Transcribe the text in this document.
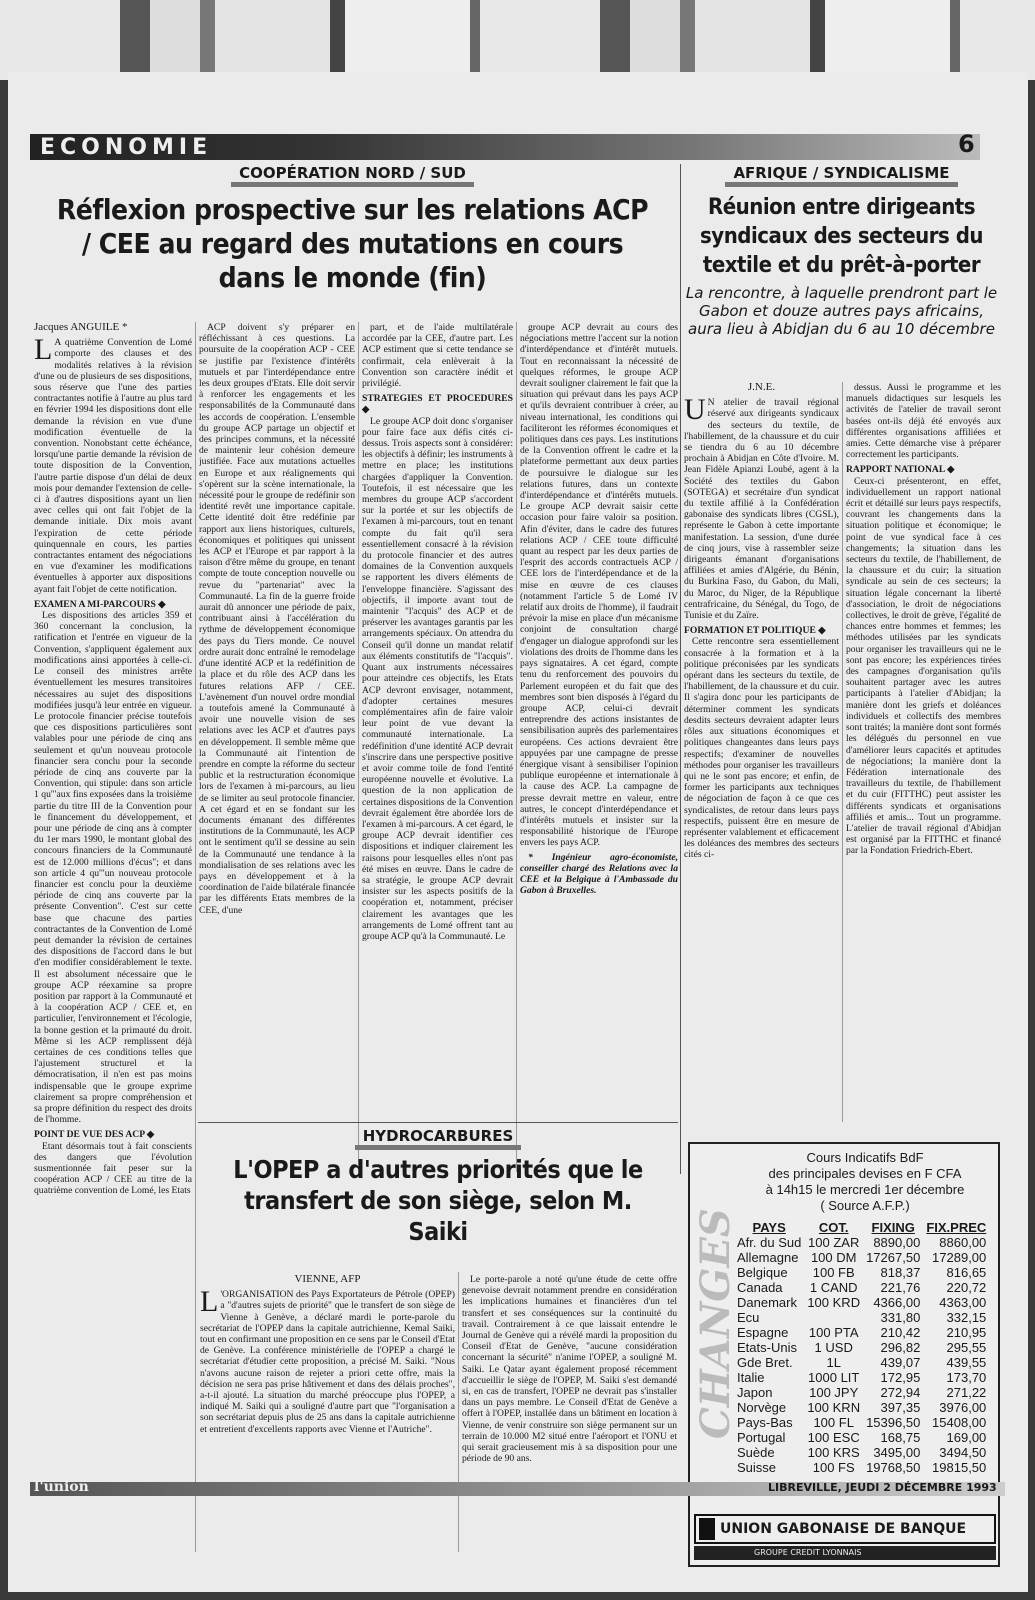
ECONOMIE	6
COOPÉRATION NORD / SUD
Réflexion prospective sur les relations ACP / CEE au regard des mutations en cours dans le monde (fin)
Jacques ANGUILE *

L A quatrième Convention de Lomé comporte des clauses et des modalités relatives à la révision d'une ou de plusieurs de ses dispositions, sous réserve que l'une des parties contractantes notifie à l'autre au plus tard en février 1994 les dispositions dont elle demande la révision en vue d'une modification éventuelle de la convention. Nonobstant cette échéance, lorsqu'une partie demande la révision de toute disposition de la Convention, l'autre partie dispose d'un délai de deux mois pour demander l'extension de celle-ci à d'autres dispositions ayant un lien avec celles qui ont fait l'objet de la demande initiale. Dix mois avant l'expiration de cette période quinquennale en cours, les parties contractantes entament des négociations en vue d'examiner les modifications éventuelles à apporter aux dispositions ayant fait l'objet de cette notification.

EXAMEN A MI-PARCOURS ◆

Les dispositions des articles 359 et 360 concernant la conclusion, la ratification et l'entrée en vigueur de la Convention, s'appliquent également aux modifications ainsi apportées à celle-ci. Le conseil des ministres arrête éventuellement les mesures transitoires nécessaires au sujet des dispositions modifiées jusqu'à leur entrée en vigueur. Le protocole financier précise toutefois que ces dispositions particulières sont valables pour une période de cinq ans seulement et qu'un nouveau protocole financier sera conclu pour la seconde période de cinq ans couverte par la Convention, qui stipule: dans son article 1 qu'"aux fins exposées dans la troisième partie du titre III de la Convention pour le financement du développement, et pour une période de cinq ans à compter du 1er mars 1990, le montant global des concours financiers de la Communauté est de 12.000 millions d'écus"; et dans son article 4 qu'"un nouveau protocole financier est conclu pour la deuxième période de cinq ans couverte par la présente Convention". C'est sur cette base que chacune des parties contractantes de la Convention de Lomé peut demander la révision de certaines des dispositions de l'accord dans le but d'en modifier considérablement le texte. Il est absolument nécessaire que le groupe ACP réexamine sa propre position par rapport à la Communauté et à la coopération ACP / CEE et, en particulier, l'environnement et l'écologie, la bonne gestion et la primauté du droit. Même si les ACP remplissent déjà certaines de ces conditions telles que l'ajustement structurel et la démocratisation, il n'en est pas moins indispensable que le groupe exprime clairement sa propre compréhension et sa propre définition du respect des droits de l'homme.

POINT DE VUE DES ACP ◆

Etant désormais tout à fait conscients des dangers que l'évolution susmentionnée fait peser sur la coopération ACP / CEE au titre de la quatrième convention de Lomé, les Etats

ACP doivent s'y préparer en réfléchissant à ces questions. La poursuite de la coopération ACP - CEE se justifie par l'existence d'intérêts mutuels et par l'interdépendance entre les deux groupes d'Etats. Elle doit servir à renforcer les engagements et les responsabilités de la Communauté dans les accords de coopération. L'ensemble du groupe ACP partage un objectif et des principes communs, et la nécessité de maintenir leur cohésion demeure justifiée. Face aux mutations actuelles en Europe et aux réalignements qui s'opèrent sur la scène internationale, la nécessité pour le groupe de redéfinir son identité revêt une importance capitale. Cette identité doit être redéfinie par rapport aux liens historiques, culturels, économiques et politiques qui unissent les ACP et l'Europe et par rapport à la raison d'être même du groupe, en tenant compte de toute conception nouvelle ou revue du "partenariat" avec la Communauté. La fin de la guerre froide aurait dû annoncer une période de paix, contribuant ainsi à l'accélération du rythme de développement économique des pays du Tiers monde. Ce nouvel ordre aurait donc entraîné le remodelage d'une identité ACP et la redéfinition de la place et du rôle des ACP dans les futures relations AFP / CEE. L'avènement d'un nouvel ordre mondial a toutefois amené la Communauté à avoir une nouvelle vision de ses relations avec les ACP et d'autres pays en développement. Il semble même que la Communauté ait l'intention de prendre en compte la réforme du secteur public et la restructuration économique lors de l'examen à mi-parcours, au lieu de se limiter au seul protocole financier. A cet égard et en se fondant sur les documents émanant des différentes institutions de la Communauté, les ACP ont le sentiment qu'il se dessine au sein de la Communauté une tendance à la mondialisation de ses relations avec les pays en développement et à la coordination de l'aide bilatérale financée par les différents Etats membres de la CEE, d'une

part, et de l'aide multilatérale accordée par la CEE, d'autre part. Les ACP estiment que si cette tendance se confirmait, cela enlèverait à la Convention son caractère inédit et privilégié.

STRATEGIES ET PROCEDURES ◆

Le groupe ACP doit donc s'organiser pour faire face aux défis cités ci-dessus. Trois aspects sont à considérer: les objectifs à définir; les instruments à mettre en place; les institutions chargées d'appliquer la Convention. Toutefois, il est nécessaire que les membres du groupe ACP s'accordent sur la portée et sur les objectifs de l'examen à mi-parcours, tout en tenant compte du fait qu'il sera essentiellement consacré à la révision du protocole financier et des autres domaines de la Convention auxquels se rapportent les divers éléments de l'enveloppe financière. S'agissant des objectifs, il importe avant tout de maintenir "l'acquis" des ACP et de préserver les avantages garantis par les arrangements spéciaux. On attendra du Conseil qu'il donne un mandat relatif aux éléments constitutifs de "l'acquis". Quant aux instruments nécessaires pour atteindre ces objectifs, les Etats ACP devront envisager, notamment, d'adopter certaines mesures complémentaires afin de faire valoir leur point de vue devant la communauté internationale. La redéfinition d'une identité ACP devrait s'inscrire dans une perspective positive et avoir comme toile de fond l'entité européenne nouvelle et évolutive. La question de la non application de certaines dispositions de la Convention devrait également être abordée lors de l'examen à mi-parcours. A cet égard, le groupe ACP devrait identifier ces dispositions et indiquer clairement les raisons pour lesquelles elles n'ont pas été mises en œuvre. Dans le cadre de sa stratégie, le groupe ACP devrait insister sur les aspects positifs de la coopération et, notamment, préciser clairement les avantages que les arrangements de Lomé offrent tant au groupe ACP qu'à la Communauté. Le

groupe ACP devrait au cours des négociations mettre l'accent sur la notion d'interdépendance et d'intérêt mutuels. Tout en reconnaissant la nécessité de quelques réformes, le groupe ACP devrait souligner clairement le fait que la situation qui prévaut dans les pays ACP et qu'ils devraient contribuer à créer, au niveau international, les conditions qui faciliteront les réformes économiques et politiques dans ces pays. Les institutions de la Convention offrent le cadre et la plateforme permettant aux deux parties de poursuivre le dialogue sur les relations futures, dans un contexte d'interdépendance et d'intérêts mutuels. Le groupe ACP devrait saisir cette occasion pour faire valoir sa position. Afin d'éviter, dans le cadre des futures relations ACP / CEE toute difficulté quant au respect par les deux parties de l'esprit des accords contractuels ACP / CEE lors de l'interdépendance et de la mise en œuvre de ces clauses (notamment l'article 5 de Lomé IV relatif aux droits de l'homme), il faudrait prévoir la mise en place d'un mécanisme conjoint de consultation chargé d'engager un dialogue approfondi sur les violations des droits de l'homme dans les pays signataires. A cet égard, compte tenu du renforcement des pouvoirs du Parlement européen et du fait que des membres sont bien disposés à l'égard du groupe ACP, celui-ci devrait entreprendre des actions insistantes de sensibilisation auprès des parlementaires européens. Ces actions devraient être appuyées par une campagne de presse énergique visant à sensibiliser l'opinion publique européenne et internationale à la cause des ACP. La campagne de presse devrait mettre en valeur, entre autres, le concept d'interdépendance et d'intérêts mutuels et insister sur la responsabilité historique de l'Europe envers les pays ACP.

* Ingénieur agro-économiste, conseiller chargé des Relations avec la CEE et la Belgique à l'Ambassade du Gabon à Bruxelles.

AFRIQUE / SYNDICALISME
Réunion entre dirigeants syndicaux des secteurs du textile et du prêt-à-porter
La rencontre, à laquelle prendront part le Gabon et douze autres pays africains, aura lieu à Abidjan du 6 au 10 décembre
J.N.E.

U N atelier de travail régional réservé aux dirigeants syndicaux des secteurs du textile, de l'habillement, de la chaussure et du cuir se tiendra du 6 au 10 décembre prochain à Abidjan en Côte d'Ivoire. M. Jean Fidèle Apianzi Loubé, agent à la Société des textiles du Gabon (SOTEGA) et secrétaire d'un syndicat du textile affilié à la Confédération gabonaise des syndicats libres (CGSL), représente le Gabon à cette importante manifestation. La session, d'une durée de cinq jours, vise à rassembler seize dirigeants émanant d'organisations affiliées et amies d'Algérie, du Bénin, du Burkina Faso, du Gabon, du Mali, du Maroc, du Niger, de la République centrafricaine, du Sénégal, du Togo, de Tunisie et du Zaïre.

FORMATION ET POLITIQUE ◆

Cette rencontre sera essentiellement consacrée à la formation et à la politique préconisées par les syndicats opérant dans les secteurs du textile, de l'habillement, de la chaussure et du cuir. Il s'agira donc pour les participants de déterminer comment les syndicats desdits secteurs devraient adapter leurs rôles aux situations économiques et politiques changeantes dans leurs pays respectifs; d'examiner de nouvelles méthodes pour organiser les travailleurs qui ne le sont pas encore; et enfin, de former les participants aux techniques de négociation de façon à ce que ces syndicalistes, de retour dans leurs pays respectifs, puissent être en mesure de représenter valablement et efficacement les doléances des membres des secteurs cités ci-

dessus. Aussi le programme et les manuels didactiques sur lesquels les activités de l'atelier de travail seront basées ont-ils déjà été envoyés aux différentes organisations affiliées et amies. Cette démarche vise à préparer correctement les participants.

RAPPORT NATIONAL ◆

Ceux-ci présenteront, en effet, individuellement un rapport national écrit et détaillé sur leurs pays respectifs, couvrant les changements dans la situation politique et économique; le point de vue syndical face à ces changements; la situation dans les secteurs du textile, de l'habillement, de la chaussure et du cuir; la situation syndicale au sein de ces secteurs; la situation légale concernant la liberté d'association, le droit de négociations collectives, le droit de grève, l'égalité de chances entre hommes et femmes; les méthodes utilisées par les syndicats pour organiser les travailleurs qui ne le sont pas encore; les expériences tirées des campagnes d'organisation qu'ils souhaitent partager avec les autres participants à l'atelier d'Abidjan; la manière dont les griefs et doléances individuels et collectifs des membres sont traités; la manière dont sont formés les délégués du personnel en vue d'améliorer leurs capacités et aptitudes de négociations; la manière dont la Fédération internationale des travailleurs du textile, de l'habillement et du cuir (FITTHC) peut assister les différents syndicats et organisations affiliés et amis... Tout un programme. L'atelier de travail régional d'Abidjan est organisé par la FITTHC et financé par la Fondation Friedrich-Ebert.

HYDROCARBURES
L'OPEP a d'autres priorités que le transfert de son siège, selon M. Saiki
VIENNE, AFP

L 'ORGANISATION des Pays Exportateurs de Pétrole (OPEP) a "d'autres sujets de priorité" que le transfert de son siège de Vienne à Genève, a déclaré mardi le porte-parole du secrétariat de l'OPEP dans la capitale autrichienne, Kemal Saiki, tout en confirmant une proposition en ce sens par le Conseil d'Etat de Genève. La conférence ministérielle de l'OPEP a chargé le secrétariat d'étudier cette proposition, a précisé M. Saiki. "Nous n'avons aucune raison de rejeter a priori cette offre, mais la décision ne sera pas prise hâtivement et dans des délais proches", a-t-il ajouté. La situation du marché préoccupe plus l'OPEP, a indiqué M. Saiki qui a souligné d'autre part que "l'organisation a son secrétariat depuis plus de 25 ans dans la capitale autrichienne et entretient d'excellents rapports avec Vienne et l'Autriche".

Le porte-parole a noté qu'une étude de cette offre genevoise devrait notamment prendre en considération les implications humaines et financières d'un tel transfert et ses conséquences sur la continuité du travail. Contrairement à ce que laissait entendre le Journal de Genève qui a révélé mardi la proposition du Conseil d'Etat de Genève, "aucune considération concernant la sécurité" n'anime l'OPEP, a souligné M. Saiki. Le Qatar ayant également proposé récemment d'accueillir le siège de l'OPEP, M. Saiki s'est demandé si, en cas de transfert, l'OPEP ne devrait pas s'installer dans un pays membre. Le Conseil d'Etat de Genève a offert à l'OPEP, installée dans un bâtiment en location à Vienne, de venir construire son siège permanent sur un terrain de 10.000 M2 situé entre l'aéroport et l'ONU et qui serait gracieusement mis à sa disposition pour une période de 90 ans.

CHANGES
Cours Indicatifs BdF
des principales devises en F CFA
à 14h15 le mercredi 1er décembre
( Source A.F.P.)
PAYS	COT.	FIXING	FIX.PREC
Afr. du Sud	100 ZAR	8890,00	8860,00
Allemagne	100 DM	17267,50	17289,00
Belgique	100 FB	818,37	816,65
Canada	1 CAND	221,76	220,72
Danemark	100 KRD	4366,00	4363,00
Ecu		331,80	332,15
Espagne	100 PTA	210,42	210,95
Etats-Unis	1 USD	296,82	295,55
Gde Bret.	1L	439,07	439,55
Italie	1000 LIT	172,95	173,70
Japon	100 JPY	272,94	271,22
Norvège	100 KRN	397,35	3976,00
Pays-Bas	100 FL	15396,50	15408,00
Portugal	100 ESC	168,75	169,00
Suède	100 KRS	3495,00	3494,50
Suisse	100 FS	19768,50	19815,50
UNION GABONAISE DE BANQUE
GROUPE CREDIT LYONNAIS
l'union	LIBREVILLE, JEUDI 2 DÉCEMBRE 1993
